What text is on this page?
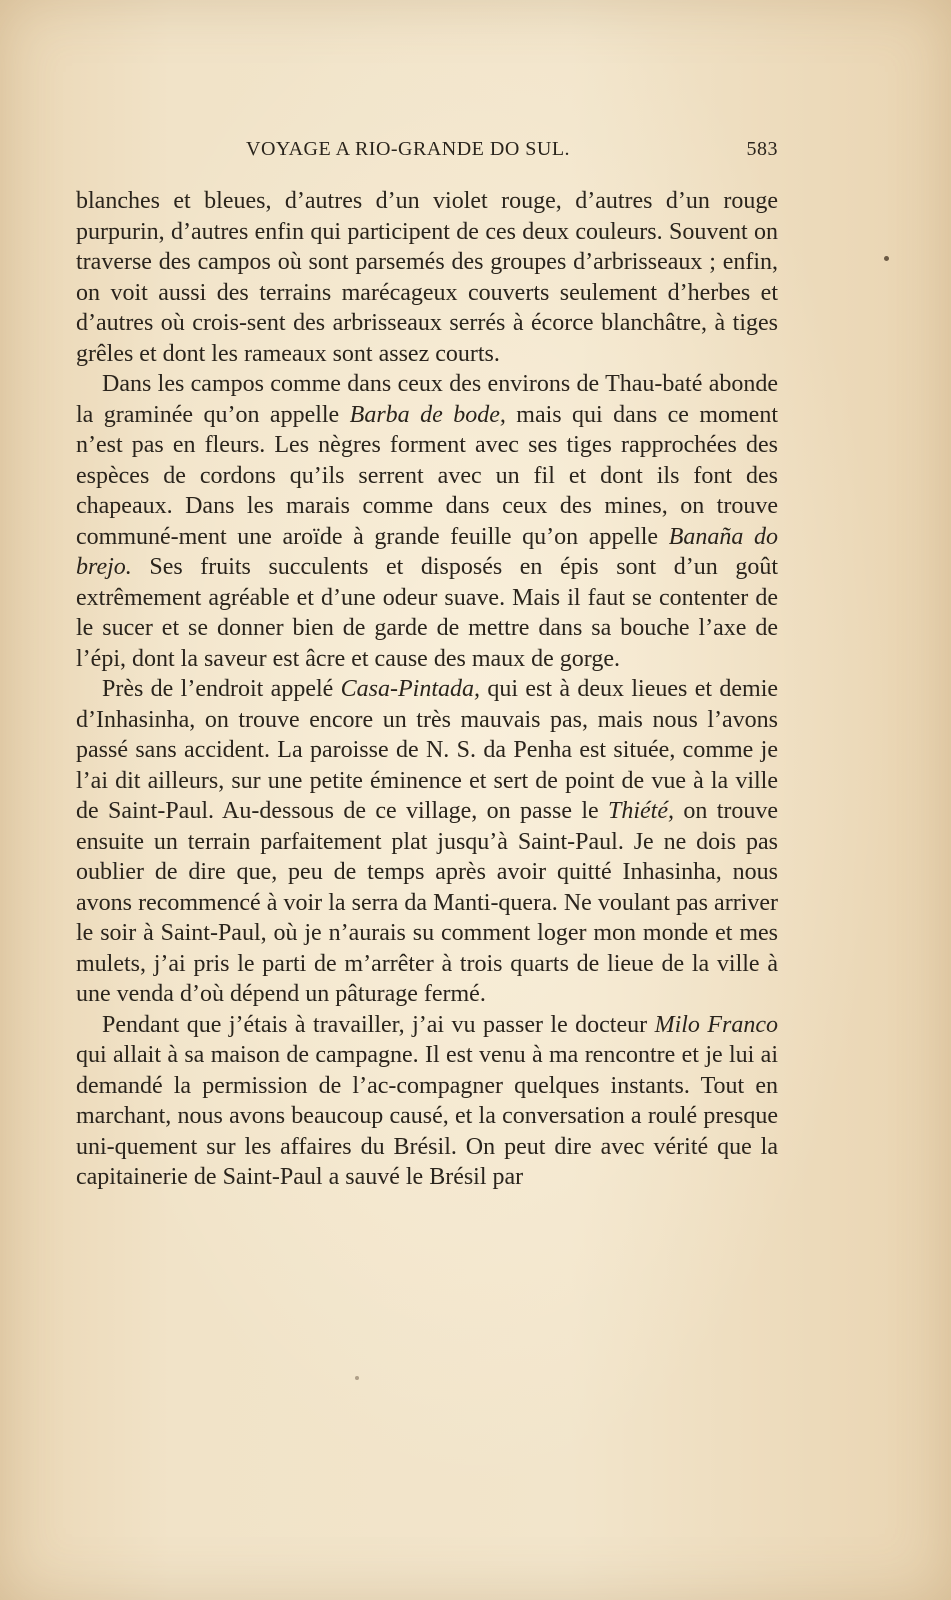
VOYAGE A RIO-GRANDE DO SUL.	583

blanches et bleues, d’autres d’un violet rouge, d’autres d’un rouge purpurin, d’autres enfin qui participent de ces deux couleurs. Souvent on traverse des campos où sont parsemés des groupes d’arbrisseaux ; enfin, on voit aussi des terrains marécageux couverts seulement d’herbes et d’autres où crois-sent des arbrisseaux serrés à écorce blanchâtre, à tiges grêles et dont les rameaux sont assez courts.

Dans les campos comme dans ceux des environs de Thau-baté abonde la graminée qu’on appelle Barba de bode, mais qui dans ce moment n’est pas en fleurs. Les nègres forment avec ses tiges rapprochées des espèces de cordons qu’ils serrent avec un fil et dont ils font des chapeaux. Dans les marais comme dans ceux des mines, on trouve communé-ment une aroïde à grande feuille qu’on appelle Banaña do brejo. Ses fruits succulents et disposés en épis sont d’un goût extrêmement agréable et d’une odeur suave. Mais il faut se contenter de le sucer et se donner bien de garde de mettre dans sa bouche l’axe de l’épi, dont la saveur est âcre et cause des maux de gorge.

Près de l’endroit appelé Casa-Pintada, qui est à deux lieues et demie d’Inhasinha, on trouve encore un très mauvais pas, mais nous l’avons passé sans accident. La paroisse de N. S. da Penha est située, comme je l’ai dit ailleurs, sur une petite éminence et sert de point de vue à la ville de Saint-Paul. Au-dessous de ce village, on passe le Thiété, on trouve ensuite un terrain parfaitement plat jusqu’à Saint-Paul. Je ne dois pas oublier de dire que, peu de temps après avoir quitté Inhasinha, nous avons recommencé à voir la serra da Manti-quera. Ne voulant pas arriver le soir à Saint-Paul, où je n’aurais su comment loger mon monde et mes mulets, j’ai pris le parti de m’arrêter à trois quarts de lieue de la ville à une venda d’où dépend un pâturage fermé.

Pendant que j’étais à travailler, j’ai vu passer le docteur Milo Franco qui allait à sa maison de campagne. Il est venu à ma rencontre et je lui ai demandé la permission de l’ac-compagner quelques instants. Tout en marchant, nous avons beaucoup causé, et la conversation a roulé presque uni-quement sur les affaires du Brésil. On peut dire avec vérité que la capitainerie de Saint-Paul a sauvé le Brésil par
